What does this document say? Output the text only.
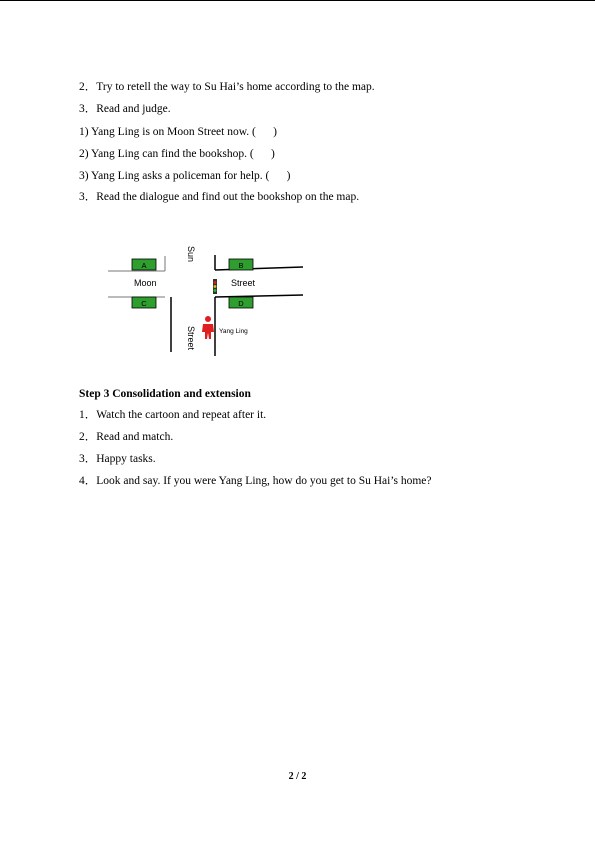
2．Try to retell the way to Su Hai’s home according to the map.
3．Read and judge.
1) Yang Ling is on Moon Street now. (      )
2) Yang Ling can find the bookshop. (      )
3) Yang Ling asks a policeman for help. (      )
3．Read the dialogue and find out the bookshop on the map.
A
C
B
D
Moon	Street
Sun
Street	Yang Ling
Step 3 Consolidation and extension
1．Watch the cartoon and repeat after it.
2．Read and match.
3．Happy tasks.
4．Look and say. If you were Yang Ling, how do you get to Su Hai’s home?
2 / 2
